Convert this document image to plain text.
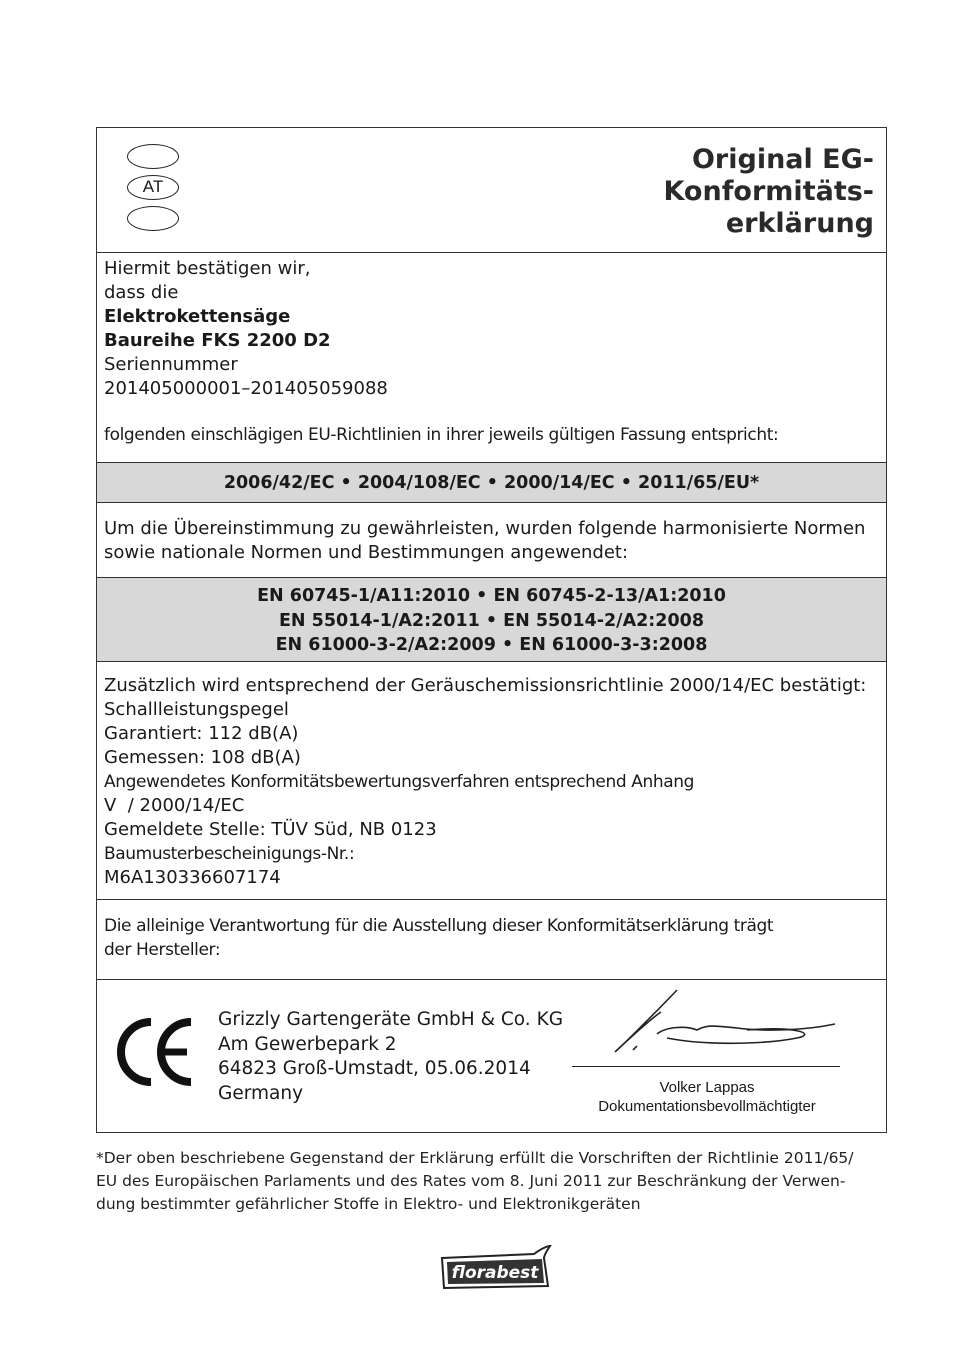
AT
Original EG-
Konformitäts-
erklärung
Hiermit bestätigen wir,
dass die
Elektrokettensäge
Baureihe FKS 2200 D2
Seriennummer
201405000001–201405059088
folgenden einschlägigen EU-Richtlinien in ihrer jeweils gültigen Fassung entspricht:
2006/42/EC • 2004/108/EC • 2000/14/EC • 2011/65/EU*
Um die Übereinstimmung zu gewährleisten, wurden folgende harmonisierte Normen
sowie nationale Normen und Bestimmungen angewendet:
EN 60745-1/A11:2010 • EN 60745-2-13/A1:2010
EN 55014-1/A2:2011 • EN 55014-2/A2:2008
EN 61000-3-2/A2:2009 • EN 61000-3-3:2008
Zusätzlich wird entsprechend der Geräuschemissionsrichtlinie 2000/14/EC bestätigt:
Schallleistungspegel
Garantiert: 112 dB(A)
Gemessen: 108 dB(A)
Angewendetes Konformitätsbewertungsverfahren entsprechend Anhang
V  / 2000/14/EC
Gemeldete Stelle: TÜV Süd, NB 0123
Baumusterbescheinigungs-Nr.:
M6A130336607174
Die alleinige Verantwortung für die Ausstellung dieser Konformitätserklärung trägt
der Hersteller:
Grizzly Gartengeräte GmbH & Co. KG
Am Gewerbepark 2
64823 Groß-Umstadt, 05.06.2014
Germany	Volker Lappas
Dokumentationsbevollmächtigter
*Der oben beschriebene Gegenstand der Erklärung erfüllt die Vorschriften der Richtlinie 2011/65/
EU des Europäischen Parlaments und des Rates vom 8. Juni 2011 zur Beschränkung der Verwen-
dung bestimmter gefährlicher Stoffe in Elektro- und Elektronikgeräten
florabest
